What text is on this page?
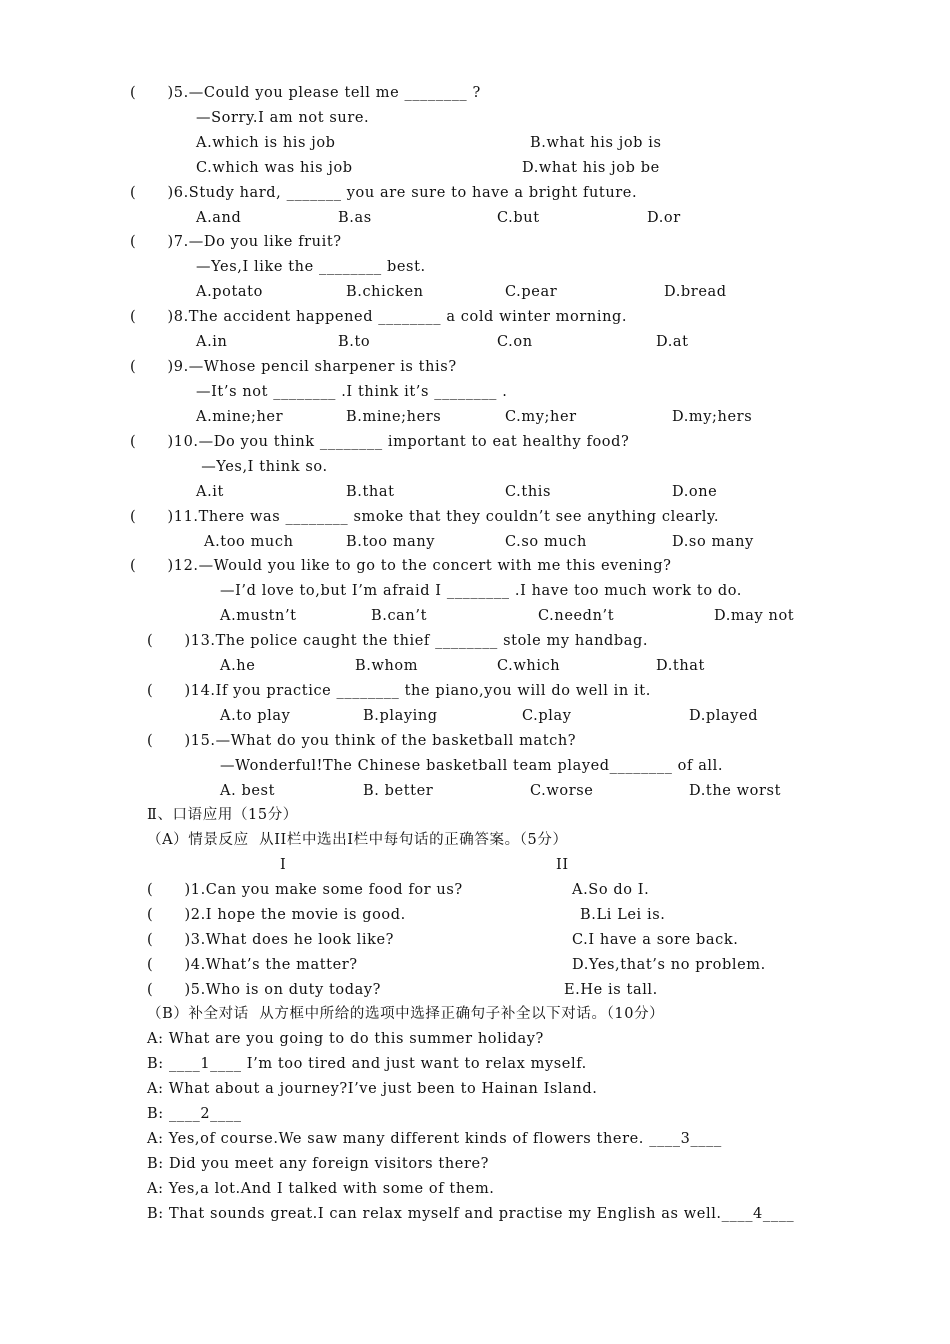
(      )5.—Could you please tell me ________ ?
—Sorry.I am not sure.
A.which is his job	B.what his job is
C.which was his job	D.what his job be
(      )6.Study hard, _______ you are sure to have a bright future.
A.and	B.as	C.but	D.or
(      )7.—Do you like fruit?
—Yes,I like the ________ best.
A.potato	B.chicken	C.pear	D.bread
(      )8.The accident happened ________ a cold winter morning.
A.in	B.to	C.on	D.at
(      )9.—Whose pencil sharpener is this?
—It’s not ________ .I think it’s ________ .
A.mine;her	B.mine;hers	C.my;her	D.my;hers
(      )10.—Do you think ________ important to eat healthy food?
—Yes,I think so.
A.it	B.that	C.this	D.one
(      )11.There was ________ smoke that they couldn’t see anything clearly.
A.too much	B.too many	C.so much	D.so many
(      )12.—Would you like to go to the concert with me this evening?
—I’d love to,but I’m afraid I ________ .I have too much work to do.
A.mustn’t	B.can’t	C.needn’t	D.may not
(      )13.The police caught the thief ________ stole my handbag.
A.he	B.whom	C.which	D.that
(      )14.If you practice ________ the piano,you will do well in it.
A.to play	B.playing	C.play	D.played
(      )15.—What do you think of the basketball match?
—Wonderful!The Chinese basketball team played________ of all.
A. best	B. better	C.worse	D.the worst
Ⅱ、口语应用（15分）
（A）情景反应  从II栏中选出I栏中每句话的正确答案。（5分）
I	II
(      )1.Can you make some food for us?	A.So do I.
(      )2.I hope the movie is good.	B.Li Lei is.
(      )3.What does he look like?	C.I have a sore back.
(      )4.What’s the matter?	D.Yes,that’s no problem.
(      )5.Who is on duty today?	E.He is tall.
（B）补全对话  从方框中所给的选项中选择正确句子补全以下对话。（10分）
A: What are you going to do this summer holiday?
B: ____1____ I’m too tired and just want to relax myself.
A: What about a journey?I’ve just been to Hainan Island.
B: ____2____
A: Yes,of course.We saw many different kinds of flowers there. ____3____
B: Did you meet any foreign visitors there?
A: Yes,a lot.And I talked with some of them.
B: That sounds great.I can relax myself and practise my English as well.____4____
